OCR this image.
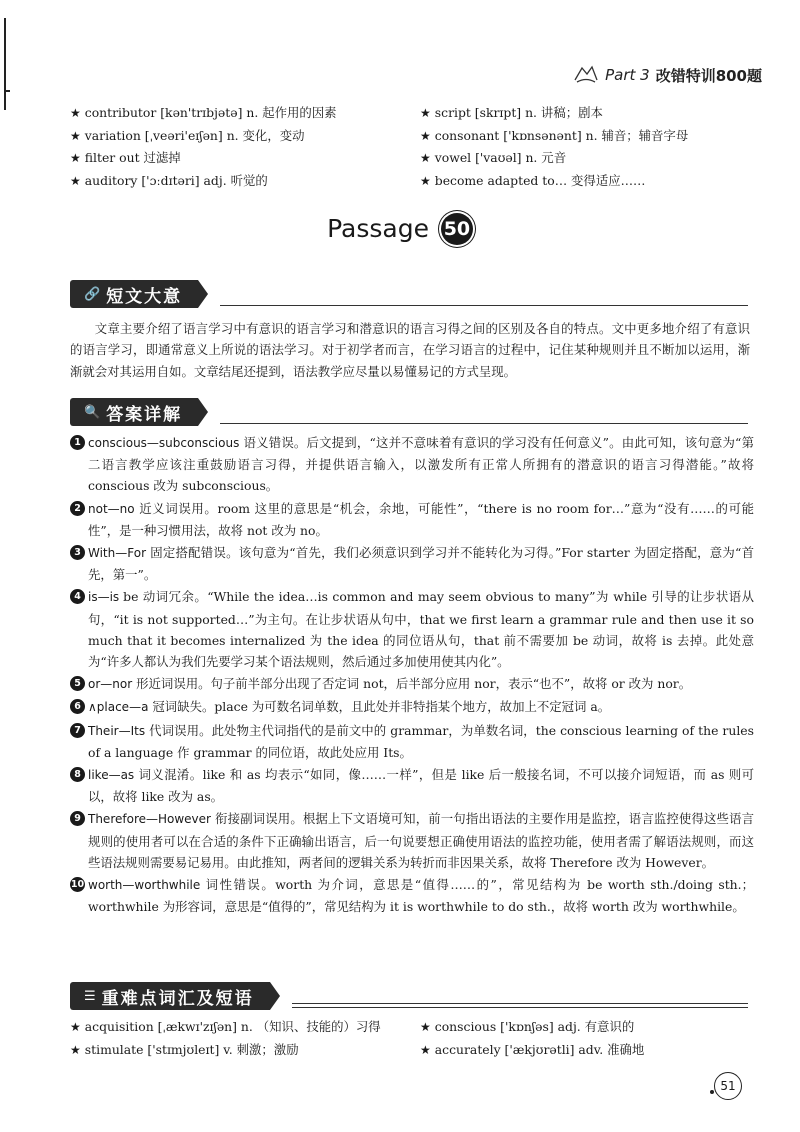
Part 3 改错特训800题
★ contributor [kən'trɪbjətə] n. 起作用的因素	★ script [skrɪpt] n. 讲稿；剧本
★ variation [ˌveəri'eɪʃən] n. 变化，变动	★ consonant ['kɒnsənənt] n. 辅音；辅音字母
★ filter out 过滤掉	★ vowel ['vaʊəl] n. 元音
★ auditory ['ɔːdɪtəri] adj. 听觉的	★ become adapted to… 变得适应……
Passage 50
🔗 短文大意
文章主要介绍了语言学习中有意识的语言学习和潜意识的语言习得之间的区别及各自的特点。文中更多地介绍了有意识的语言学习，即通常意义上所说的语法学习。对于初学者而言，在学习语言的过程中，记住某种规则并且不断加以运用，渐渐就会对其运用自如。文章结尾还提到，语法教学应尽量以易懂易记的方式呈现。
🔍 答案详解
1 conscious—subconscious 语义错误。后文提到，“这并不意味着有意识的学习没有任何意义”。由此可知，该句意为“第二语言教学应该注重鼓励语言习得，并提供语言输入，以激发所有正常人所拥有的潜意识的语言习得潜能。”故将 conscious 改为 subconscious。
2 not—no 近义词误用。room 这里的意思是“机会，余地，可能性”，“there is no room for…”意为“没有……的可能性”，是一种习惯用法，故将 not 改为 no。
3 With—For 固定搭配错误。该句意为“首先，我们必须意识到学习并不能转化为习得。”For starter 为固定搭配，意为“首先，第一”。
4 is—is be 动词冗余。“While the idea…is common and may seem obvious to many”为 while 引导的让步状语从句，“it is not supported…”为主句。在让步状语从句中，that we first learn a grammar rule and then use it so much that it becomes internalized 为 the idea 的同位语从句，that 前不需要加 be 动词，故将 is 去掉。此处意为“许多人都认为我们先要学习某个语法规则，然后通过多加使用使其内化”。
5 or—nor 形近词误用。句子前半部分出现了否定词 not，后半部分应用 nor，表示“也不”，故将 or 改为 nor。
6 ∧place—a 冠词缺失。place 为可数名词单数，且此处并非特指某个地方，故加上不定冠词 a。
7 Their—Its 代词误用。此处物主代词指代的是前文中的 grammar，为单数名词，the conscious learning of the rules of a language 作 grammar 的同位语，故此处应用 Its。
8 like—as 词义混淆。like 和 as 均表示“如同，像……一样”，但是 like 后一般接名词，不可以接介词短语，而 as 则可以，故将 like 改为 as。
9 Therefore—However 衔接副词误用。根据上下文语境可知，前一句指出语法的主要作用是监控，语言监控使得这些语言规则的使用者可以在合适的条件下正确输出语言，后一句说要想正确使用语法的监控功能，使用者需了解语法规则，而这些语法规则需要易记易用。由此推知，两者间的逻辑关系为转折而非因果关系，故将 Therefore 改为 However。
10 worth—worthwhile 词性错误。worth 为介词，意思是“值得……的”，常见结构为 be worth sth./doing sth.；worthwhile 为形容词，意思是“值得的”，常见结构为 it is worthwhile to do sth.，故将 worth 改为 worthwhile。
☰ 重难点词汇及短语
★ acquisition [ˌækwɪ'zɪʃən] n. （知识、技能的）习得	★ conscious ['kɒnʃəs] adj. 有意识的
★ stimulate ['stɪmjʊleɪt] v. 刺激；激励	★ accurately ['ækjʊrətli] adv. 准确地
51
